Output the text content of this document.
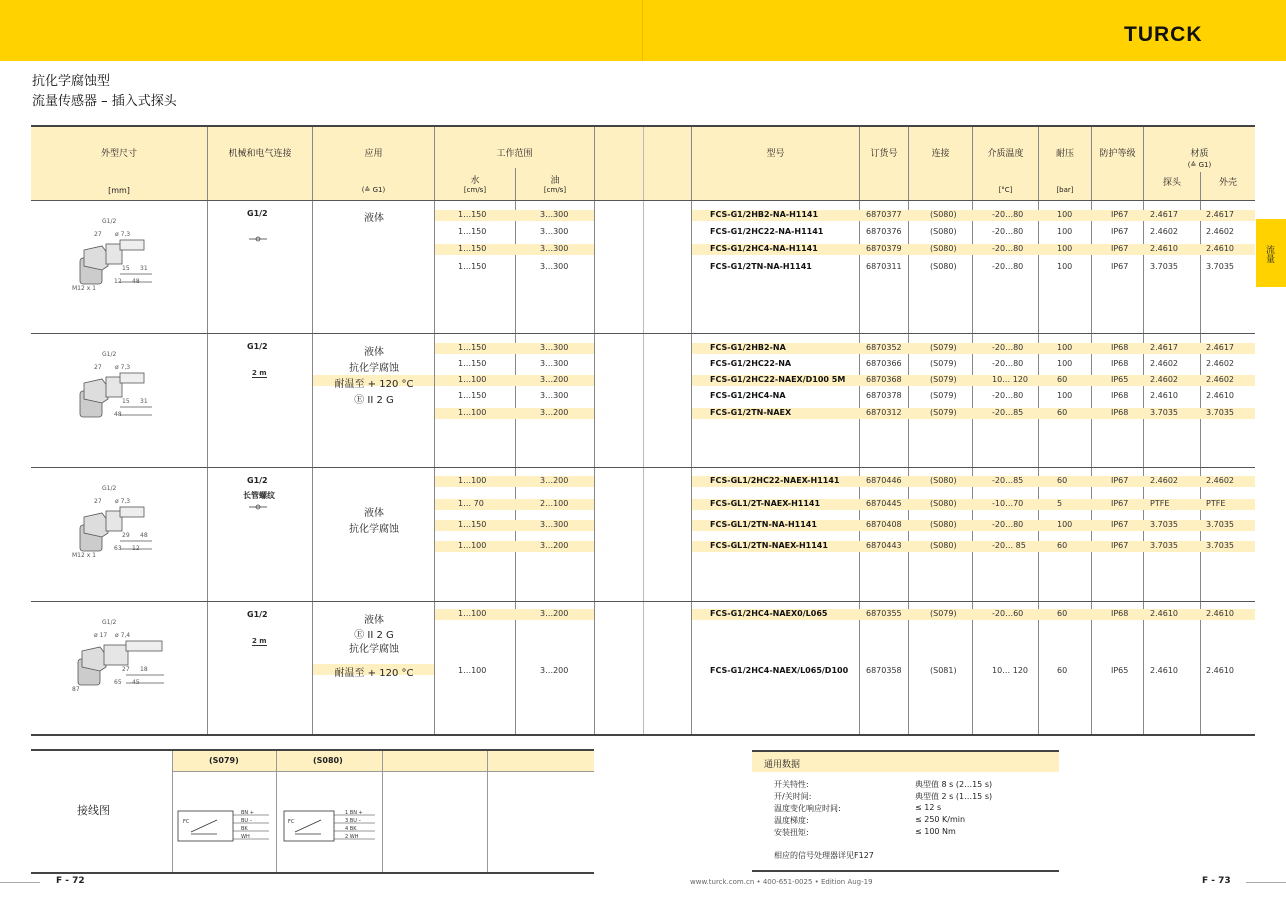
TURCK
抗化学腐蚀型
流量传感器 – 插入式探头
流量
外型尺寸
[mm]
机械和电气连接	应用
(≙ G1)
工作范围
水
[cm/s]
油
[cm/s]
型号	订货号	连接	介质温度
[°C]
耐压
[bar]
防护等级	材质
(≙ G1)
探头	外壳
G1/2	液体
G1/2
27 ø 7,3
15 31
12 48
M12 x 1
1…150	3…300	FCS-G1/2HB2-NA-H1141	6870377	(S080)	-20…80	100	IP67	2.4617	2.4617
1…150	3…300	FCS-G1/2HC22-NA-H1141	6870376	(S080)	-20…80	100	IP67	2.4602	2.4602
1…150	3…300	FCS-G1/2HC4-NA-H1141	6870379	(S080)	-20…80	100	IP67	2.4610	2.4610
1…150	3…300	FCS-G1/2TN-NA-H1141	6870311	(S080)	-20…80	100	IP67	3.7035	3.7035
G1/2
2 m
液体
抗化学腐蚀
耐温至 + 120 °C
Ⓔ II 2 G
G1/2
27 ø 7,3
15 31
48
1…150	3…300	FCS-G1/2HB2-NA	6870352	(S079)	-20…80	100	IP68	2.4617	2.4617
1…150	3…300	FCS-G1/2HC22-NA	6870366	(S079)	-20…80	100	IP68	2.4602	2.4602
1…100	3…200	FCS-G1/2HC22-NAEX/D100 5M	6870368	(S079)	10… 120	60	IP65	2.4602	2.4602
1…150	3…300	FCS-G1/2HC4-NA	6870378	(S079)	-20…80	100	IP68	2.4610	2.4610
1…100	3…200	FCS-G1/2TN-NAEX	6870312	(S079)	-20…85	60	IP68	3.7035	3.7035
G1/2
长管螺纹
液体
抗化学腐蚀
G1/2
27 ø 7,3
29 48
63 12
M12 x 1
1…100	3…200	FCS-GL1/2HC22-NAEX-H1141	6870446	(S080)	-20…85	60	IP67	2.4602	2.4602
1… 70	2…100	FCS-GL1/2T-NAEX-H1141	6870445	(S080)	-10…70	5	IP67	PTFE	PTFE
1…150	3…300	FCS-GL1/2TN-NA-H1141	6870408	(S080)	-20…80	100	IP67	3.7035	3.7035
1…100	3…200	FCS-GL1/2TN-NAEX-H1141	6870443	(S080)	-20… 85	60	IP67	3.7035	3.7035
G1/2
2 m
液体
Ⓔ II 2 G
抗化学腐蚀
耐温至 + 120 °C
G1/2
ø 17 ø 7,4
27 18
65 45
87
1…100	3…200	FCS-G1/2HC4-NAEX0/L065	6870355	(S079)	-20…60	60	IP68	2.4610	2.4610
1…100	3…200	FCS-G1/2HC4-NAEX/L065/D100 6870358	(S081)	10… 120	60	IP65	2.4610	2.4610
(S079)	(S080)
接线图
FC
BN +
BU –
BK
WH
FC
1 BN +
3 BU –
4 BK
2 WH
通用数据
开关特性:	典型值 8 s (2…15 s)
开/关时间:	典型值 2 s (1…15 s)
温度变化响应时间:	≤ 12 s
温度梯度:	≤ 250 K/min
安装扭矩:	≤ 100 Nm
相应的信号处理器详见F127
F - 72	www.turck.com.cn • 400-651-0025 • Edition Aug-19	F - 73
